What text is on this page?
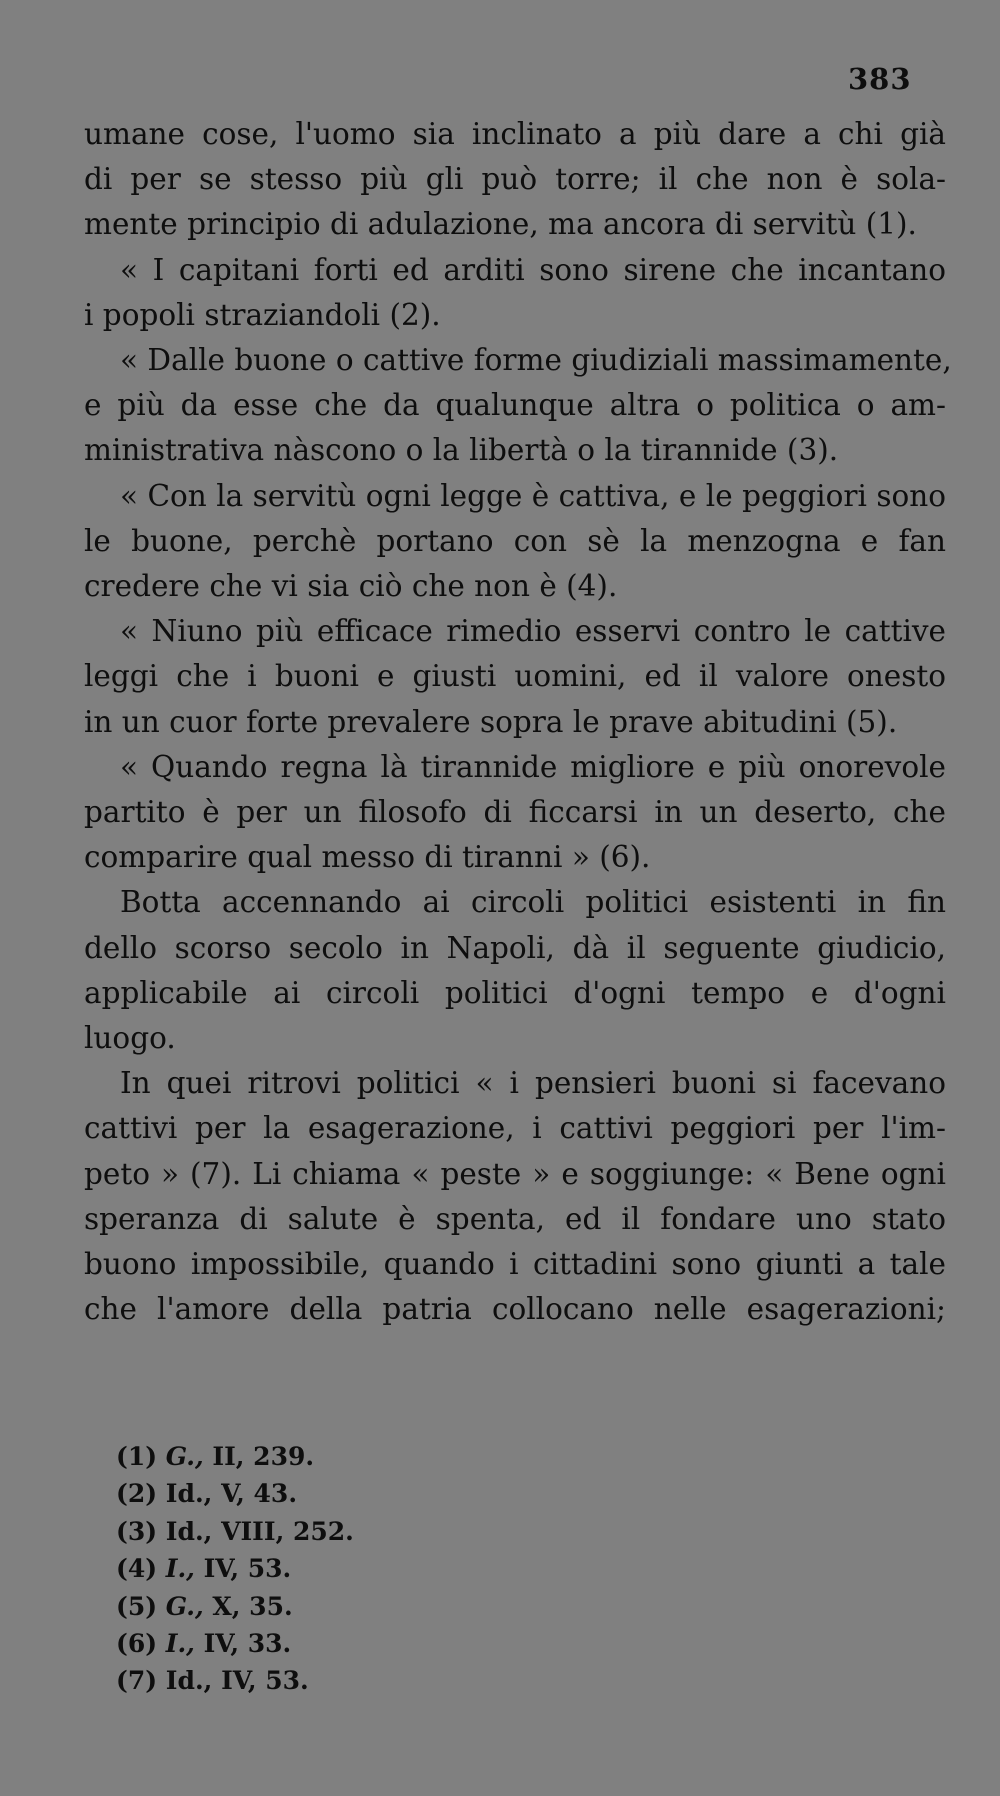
383
umane cose, l'uomo sia inclinato a più dare a chi già
di per se stesso più gli può torre; il che non è sola-
mente principio di adulazione, ma ancora di servitù (1).
« I capitani forti ed arditi sono sirene che incantano
i popoli straziandoli (2).
« Dalle buone o cattive forme giudiziali massimamente,
e più da esse che da qualunque altra o politica o am-
ministrativa nàscono o la libertà o la tirannide (3).
« Con la servitù ogni legge è cattiva, e le peggiori sono
le buone, perchè portano con sè la menzogna e fan
credere che vi sia ciò che non è (4).
« Niuno più efficace rimedio esservi contro le cattive
leggi che i buoni e giusti uomini, ed il valore onesto
in un cuor forte prevalere sopra le prave abitudini (5).
« Quando regna là tirannide migliore e più onorevole
partito è per un filosofo di ficcarsi in un deserto, che
comparire qual messo di tiranni » (6).
Botta accennando ai circoli politici esistenti in fin
dello scorso secolo in Napoli, dà il seguente giudicio,
applicabile ai circoli politici d'ogni tempo e d'ogni
luogo.
In quei ritrovi politici « i pensieri buoni si facevano
cattivi per la esagerazione, i cattivi peggiori per l'im-
peto » (7). Li chiama « peste » e soggiunge: « Bene ogni
speranza di salute è spenta, ed il fondare uno stato
buono impossibile, quando i cittadini sono giunti a tale
che l'amore della patria collocano nelle esagerazioni;
(1) G., II, 239.
(2) Id., V, 43.
(3) Id., VIII, 252.
(4) I., IV, 53.
(5) G., X, 35.
(6) I., IV, 33.
(7) Id., IV, 53.
